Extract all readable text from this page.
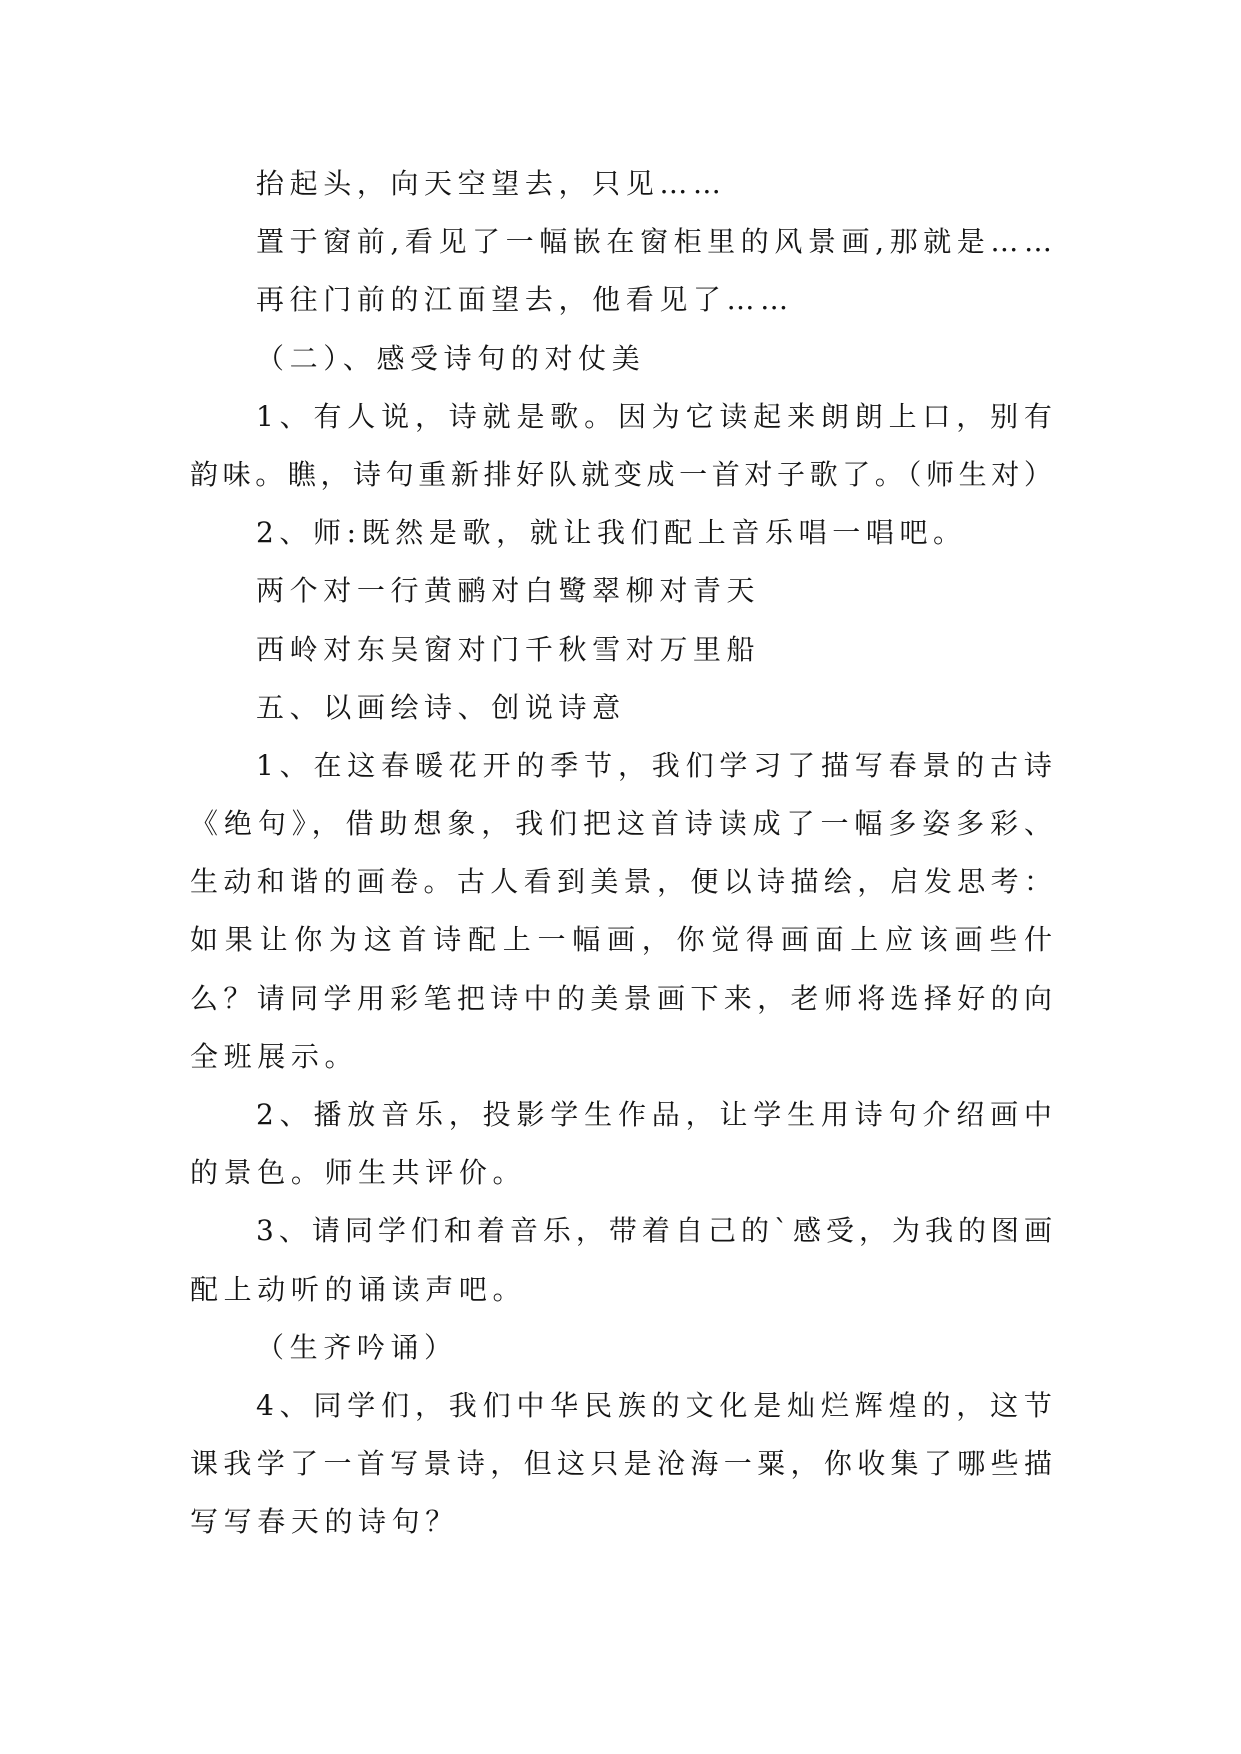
抬起头，向天空望去，只见……
置于窗前,看见了一幅嵌在窗柜里的风景画,那就是……
再往门前的江面望去，他看见了……
（二）、感受诗句的对仗美
1、有人说，诗就是歌。因为它读起来朗朗上口，别有
韵味。瞧，诗句重新排好队就变成一首对子歌了。（师生对）
2、师:既然是歌，就让我们配上音乐唱一唱吧。
两个对一行黄鹂对白鹭翠柳对青天
西岭对东吴窗对门千秋雪对万里船
五、以画绘诗、创说诗意
1、在这春暖花开的季节，我们学习了描写春景的古诗
《绝句》，借助想象，我们把这首诗读成了一幅多姿多彩、
生动和谐的画卷。古人看到美景，便以诗描绘，启发思考：
如果让你为这首诗配上一幅画，你觉得画面上应该画些什
么？请同学用彩笔把诗中的美景画下来，老师将选择好的向
全班展示。
2、播放音乐，投影学生作品，让学生用诗句介绍画中
的景色。师生共评价。
3、请同学们和着音乐，带着自己的`感受，为我的图画
配上动听的诵读声吧。
（生齐吟诵）
4、同学们，我们中华民族的文化是灿烂辉煌的，这节
课我学了一首写景诗，但这只是沧海一粟，你收集了哪些描
写写春天的诗句？
